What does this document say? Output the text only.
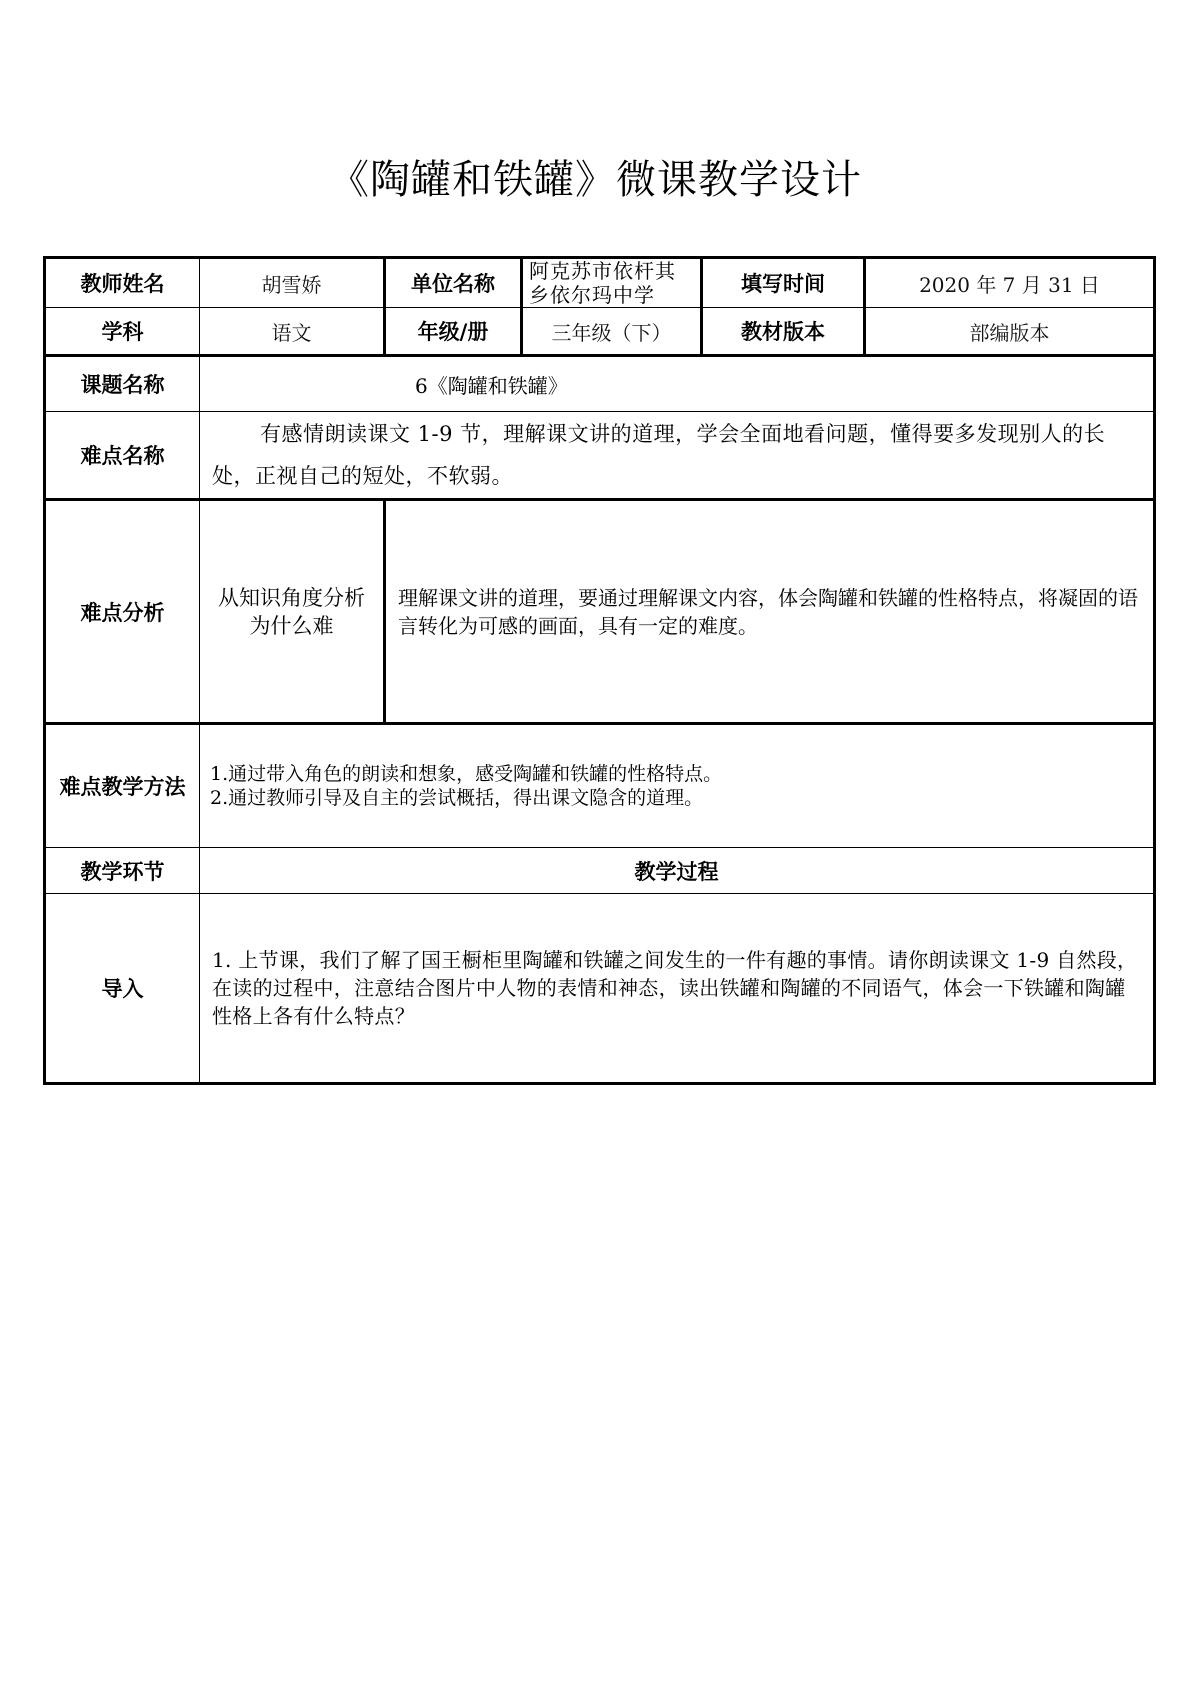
《陶罐和铁罐》微课教学设计
教师姓名	胡雪娇	单位名称	阿克苏市依杆其乡依尔玛中学	填写时间	2020 年 7 月 31 日
学科	语文	年级/册	三年级（下）	教材版本	部编版本
课题名称	6《陶罐和铁罐》				
难点名称	有感情朗读课文 1-9 节，理解课文讲的道理，学会全面地看问题，懂得要多发现别人的长处，正视自己的短处，不软弱。				
难点分析	从知识角度分析为什么难	理解课文讲的道理，要通过理解课文内容，体会陶罐和铁罐的性格特点，将凝固的语言转化为可感的画面，具有一定的难度。			
难点教学方法	1.通过带入角色的朗读和想象，感受陶罐和铁罐的性格特点。
2.通过教师引导及自主的尝试概括，得出课文隐含的道理。				

教学环节	教学过程				
导入	1. 上节课，我们了解了国王橱柜里陶罐和铁罐之间发生的一件有趣的事情。请你朗读课文 1-9 自然段，在读的过程中，注意结合图片中人物的表情和神态，读出铁罐和陶罐的不同语气，体会一下铁罐和陶罐性格上各有什么特点？				
